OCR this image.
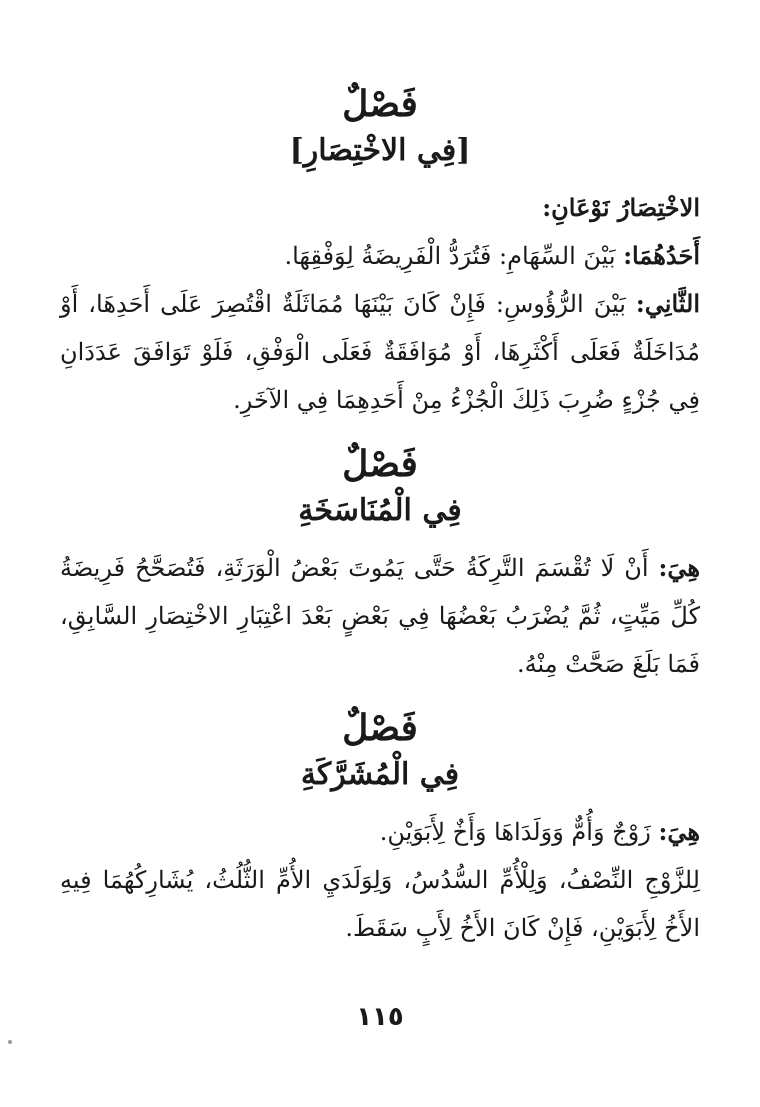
فَصْلٌ
[فِي الاخْتِصَارِ]

الاخْتِصَارُ نَوْعَانِ:

أَحَدُهُمَا: بَيْنَ السِّهَامِ: فَتُرَدُّ الْفَرِيضَةُ لِوَفْقِهَا.

الثَّانِي: بَيْنَ الرُّؤُوسِ: فَإِنْ كَانَ بَيْنَهَا مُمَاثَلَةٌ اقْتُصِرَ عَلَى أَحَدِهَا، أَوْ مُدَاخَلَةٌ فَعَلَى أَكْثَرِهَا، أَوْ مُوَافَقَةٌ فَعَلَى الْوَفْقِ، فَلَوْ تَوَافَقَ عَدَدَانِ فِي جُزْءٍ ضُرِبَ ذَلِكَ الْجُزْءُ مِنْ أَحَدِهِمَا فِي الآخَرِ.

فَصْلٌ
فِي الْمُنَاسَخَةِ

هِيَ: أَنْ لَا تُقْسَمَ التَّرِكَةُ حَتَّى يَمُوتَ بَعْضُ الْوَرَثَةِ، فَتُصَحَّحُ فَرِيضَةُ كُلِّ مَيِّتٍ، ثُمَّ يُضْرَبُ بَعْضُهَا فِي بَعْضٍ بَعْدَ اعْتِبَارِ الاخْتِصَارِ السَّابِقِ، فَمَا بَلَغَ صَحَّتْ مِنْهُ.

فَصْلٌ
فِي الْمُشَرَّكَةِ

هِيَ: زَوْجٌ وَأُمٌّ وَوَلَدَاهَا وَأَخٌ لِأَبَوَيْنِ.

لِلزَّوْجِ النِّصْفُ، وَلِلْأُمِّ السُّدُسُ، وَلِوَلَدَيِ الأُمِّ الثُّلُثُ، يُشَارِكُهُمَا فِيهِ الأَخُ لِأَبَوَيْنِ، فَإِنْ كَانَ الأَخُ لِأَبٍ سَقَطَ.

١١٥
